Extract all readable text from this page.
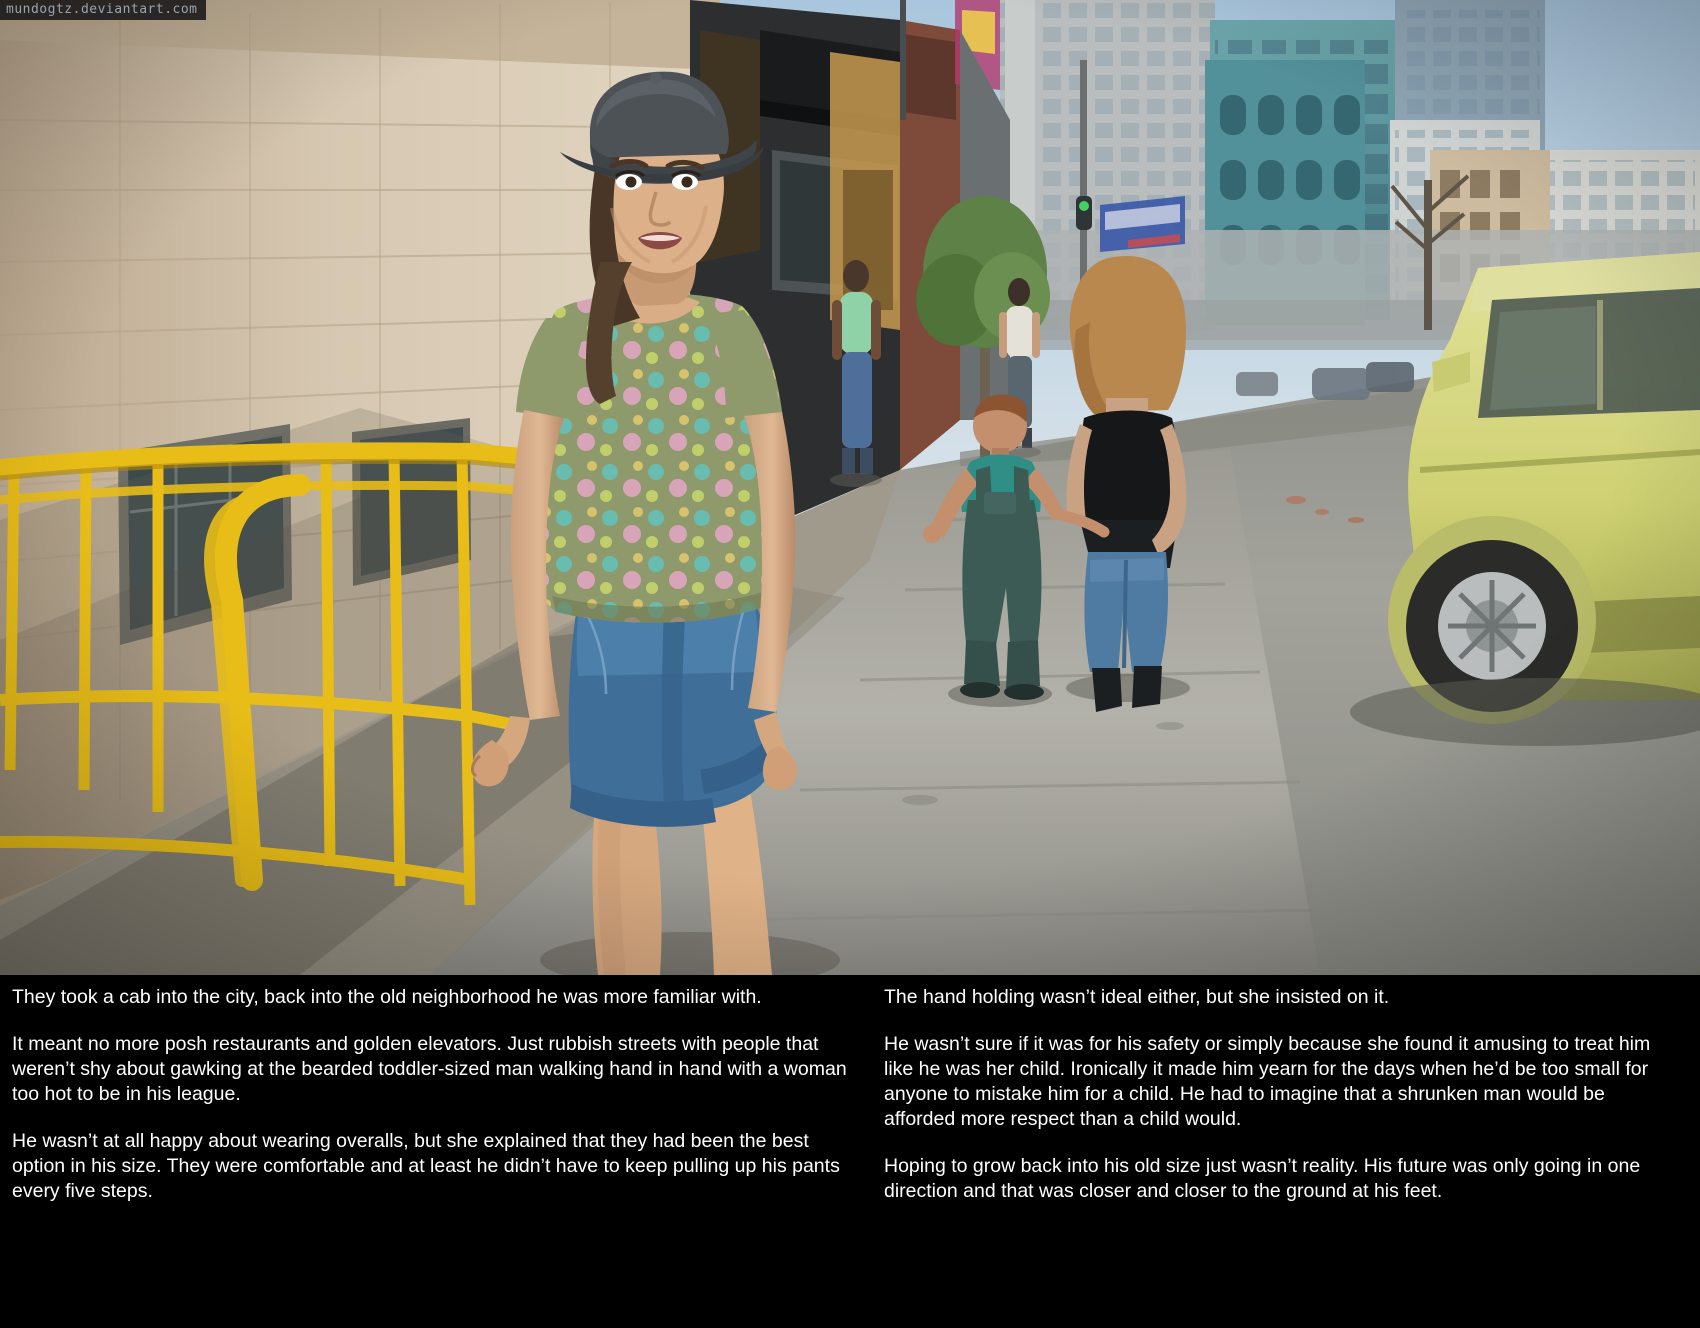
mundogtz.deviantart.com

They took a cab into the city, back into the old neighborhood he was more familiar with.

It meant no more posh restaurants and golden elevators. Just rubbish streets with people that weren’t shy about gawking at the bearded toddler-sized man walking hand in hand with a woman too hot to be in his league.

He wasn’t at all happy about wearing overalls, but she explained that they had been the best option in his size. They were comfortable and at least he didn’t have to keep pulling up his pants every five steps.

The hand holding wasn’t ideal either, but she insisted on it.

He wasn’t sure if it was for his safety or simply because she found it amusing to treat him like he was her child. Ironically it made him yearn for the days when he’d be too small for anyone to mistake him for a child. He had to imagine that a shrunken man would be afforded more respect than a child would.

Hoping to grow back into his old size just wasn’t reality. His future was only going in one direction and that was closer and closer to the ground at his feet.
